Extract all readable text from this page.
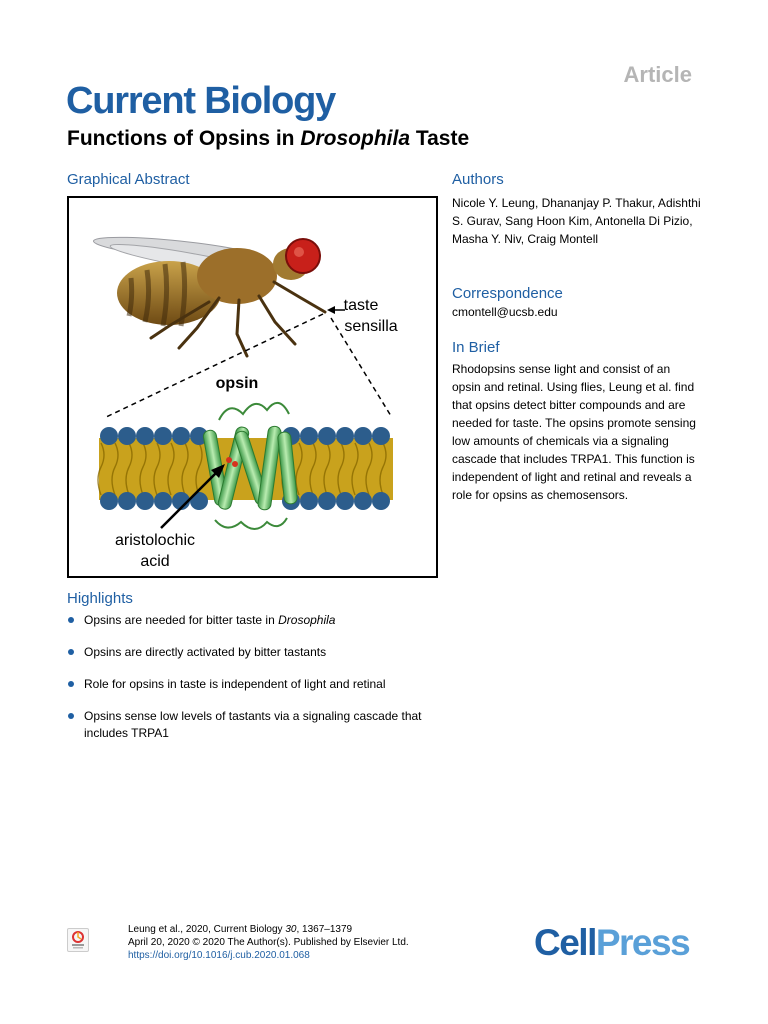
Article
Current Biology
Functions of Opsins in Drosophila Taste
Graphical Abstract
taste
sensilla
opsin
aristolochic
acid
Authors
Nicole Y. Leung, Dhananjay P. Thakur, Adishthi S. Gurav, Sang Hoon Kim, Antonella Di Pizio, Masha Y. Niv, Craig Montell
Correspondence
cmontell@ucsb.edu
In Brief
Rhodopsins sense light and consist of an opsin and retinal. Using flies, Leung et al. find that opsins detect bitter compounds and are needed for taste. The opsins promote sensing low amounts of chemicals via a signaling cascade that includes TRPA1. This function is independent of light and retinal and reveals a role for opsins as chemosensors.
Highlights
Opsins are needed for bitter taste in Drosophila
Opsins are directly activated by bitter tastants
Role for opsins in taste is independent of light and retinal
Opsins sense low levels of tastants via a signaling cascade that includes TRPA1
Leung et al., 2020, Current Biology 30, 1367–1379
April 20, 2020 © 2020 The Author(s). Published by Elsevier Ltd.
https://doi.org/10.1016/j.cub.2020.01.068	CellPress
